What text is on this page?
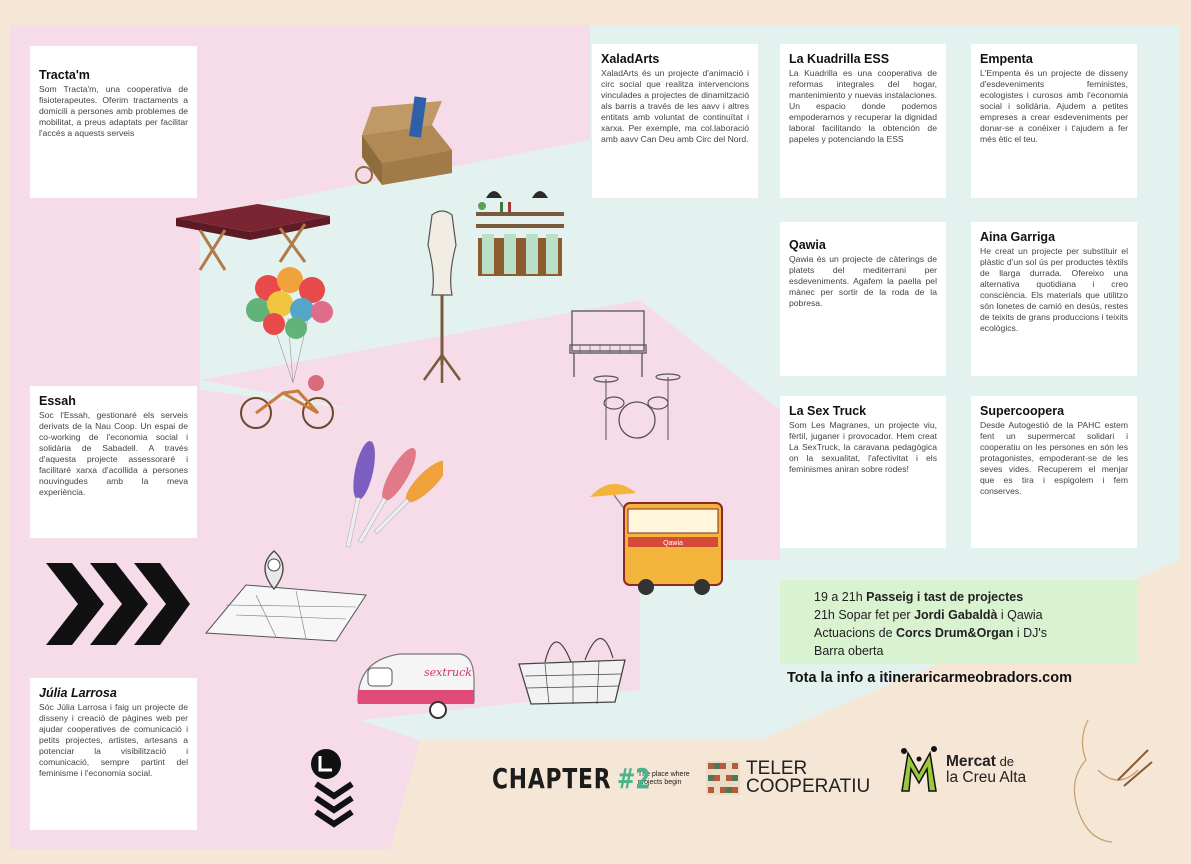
Qawia
sextruck
Tracta'm

Som Tracta'm, una cooperativa de fisioterapeutes. Oferim tractaments a domicili a persones amb problemes de mobilitat, a preus adaptats per facilitar l'accés a aquests serveis

Essah

Soc l'Essah, gestionaré els serveis derivats de la Nau Coop. Un espai de co-working de l'economia social i solidària de Sabadell. A través d'aquesta projecte assessoraré i facilitaré xarxa d'acollida a persones nouvingudes amb la meva experiència.

Júlia Larrosa

Sóc Júlia Larrosa i faig un projecte de disseny i creació de pàgines web per ajudar cooperatives de comunicació i petits projectes, artistes, artesans a potenciar la visibilització i comunicació, sempre partint del feminisme i l'economia social.

XaladArts

XaladArts és un projecte d'animació i circ social que realitza intervencions vinculades a projectes de dinamització als barris a través de les aavv i altres entitats amb voluntat de continuïtat i xarxa. Per exemple, ma col.laboració amb aavv Can Deu amb Circ del Nord.

La Kuadrilla ESS

La Kuadrilla es una cooperativa de reformas integrales del hogar, mantenimiento y nuevas instalaciones. Un espacio donde podemos empoderarnos y recuperar la dignidad laboral facilitando la obtención de papeles y potenciando la ESS

Empenta

L'Empenta és un projecte de disseny d'esdeveniments feministes, ecologistes i curosos amb l'economia social i solidària. Ajudem a petites empreses a crear esdeveniments per donar-se a conèixer i t'ajudem a fer més ètic el teu.

Qawia

Qawia és un projecte de càterings de platets del mediterrani per esdeveniments. Agafem la paella pel mànec per sortir de la roda de la pobresa.

Aina Garriga

He creat un projecte per substituir el plàstic d'un sol ús per productes tèxtils de llarga durrada. Ofereixo una alternativa quotidiana i creo consciència. Els materials que utilitzo són lonetes de camió en desús, restes de teixits de grans produccions i teixits ecològics.

La Sex Truck

Som Les Magranes, un projecte viu, fèrtil, juganer i provocador. Hem creat La SexTruck, la caravana pedagògica on la sexualitat, l'afectivitat i els feminismes aniran sobre rodes!

Supercoopera

Desde Autogestió de la PAHC estem fent un supermercat solidari i cooperatiu on les persones en són les protagonistes, empoderant-se de les seves vides. Recuperem el menjar que es tira i espigolem i fem conserves.

19 a 21h Passeig i tast de projectes
21h Sopar fet per Jordi Gabaldà i Qawia
Actuacions de Corcs Drum&Organ i DJ's
Barra oberta
Tota la info a itineraricarmeobradors.com
CHAPTER #2
The place where projects begin
TELER
COOPERATIU
Mercat de
la Creu Alta
